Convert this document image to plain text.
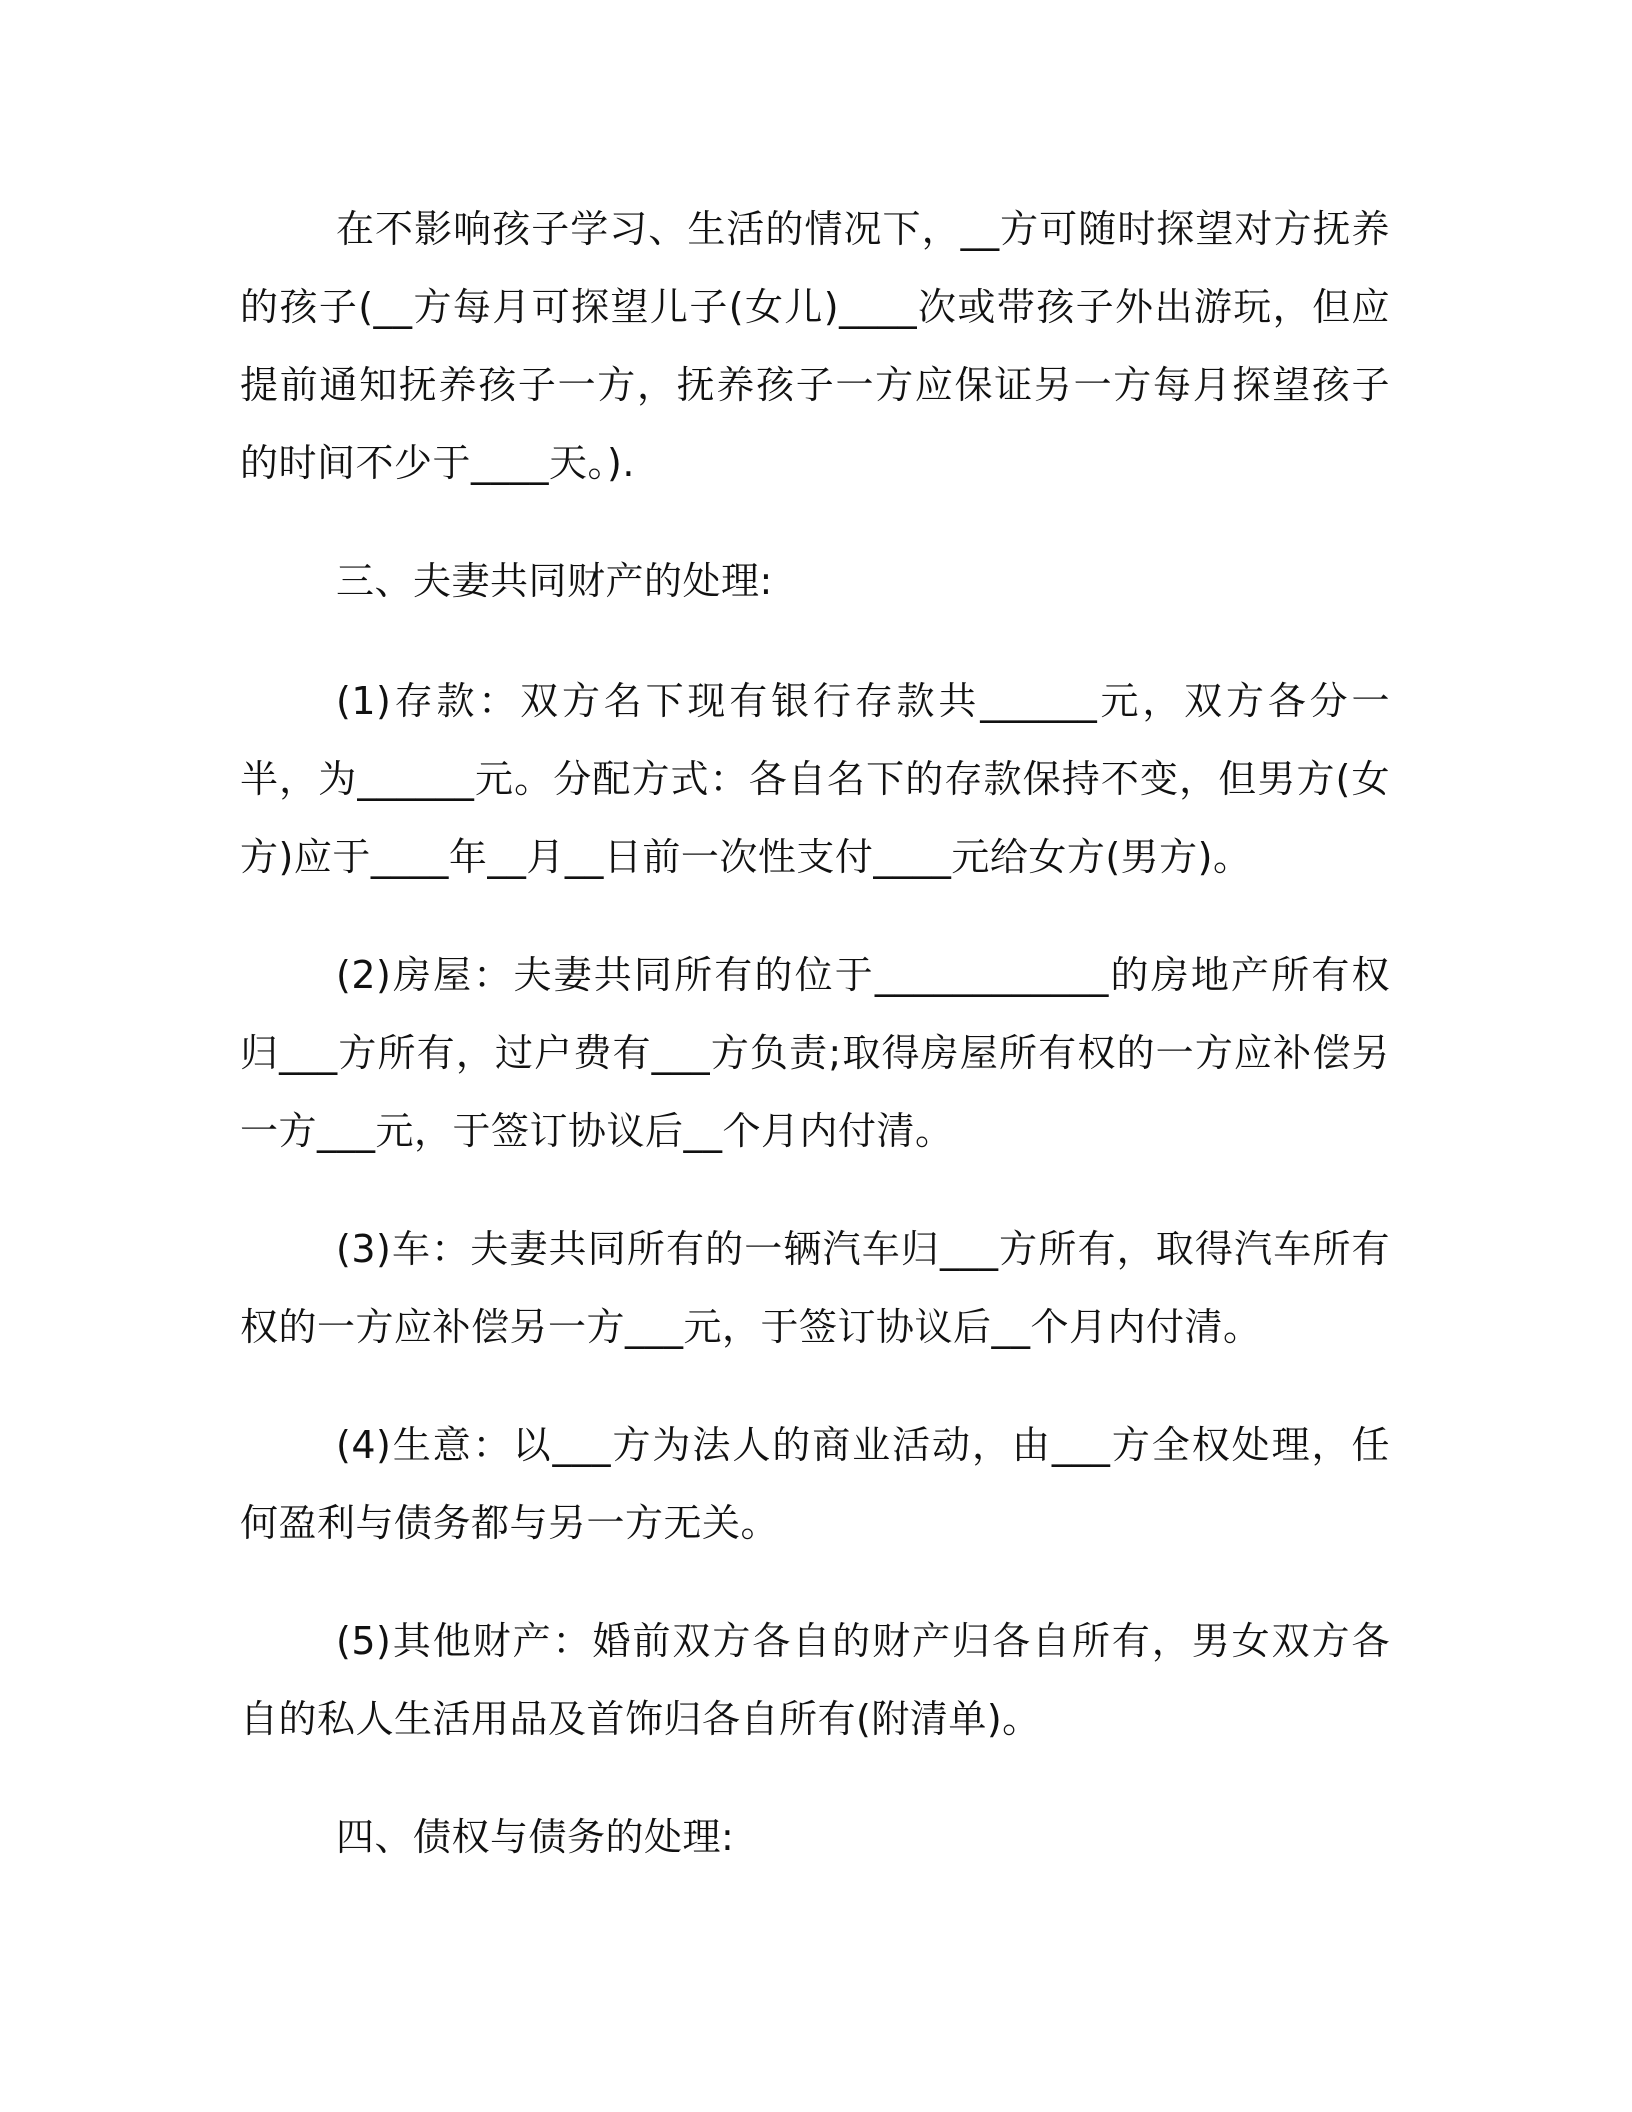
在不影响孩子学习、生活的情况下，__方可随时探望对方抚养的孩子(__方每月可探望儿子(女儿)____次或带孩子外出游玩，但应提前通知抚养孩子一方，抚养孩子一方应保证另一方每月探望孩子的时间不少于____天。).

三、夫妻共同财产的处理:

(1)存款：双方名下现有银行存款共______元，双方各分一半，为______元。分配方式：各自名下的存款保持不变，但男方(女方)应于____年__月__日前一次性支付____元给女方(男方)。

(2)房屋：夫妻共同所有的位于____________的房地产所有权归___方所有，过户费有___方负责;取得房屋所有权的一方应补偿另一方___元，于签订协议后__个月内付清。

(3)车：夫妻共同所有的一辆汽车归___方所有，取得汽车所有权的一方应补偿另一方___元，于签订协议后__个月内付清。

(4)生意：以___方为法人的商业活动，由___方全权处理，任何盈利与债务都与另一方无关。

(5)其他财产：婚前双方各自的财产归各自所有，男女双方各自的私人生活用品及首饰归各自所有(附清单)。

四、债权与债务的处理:
